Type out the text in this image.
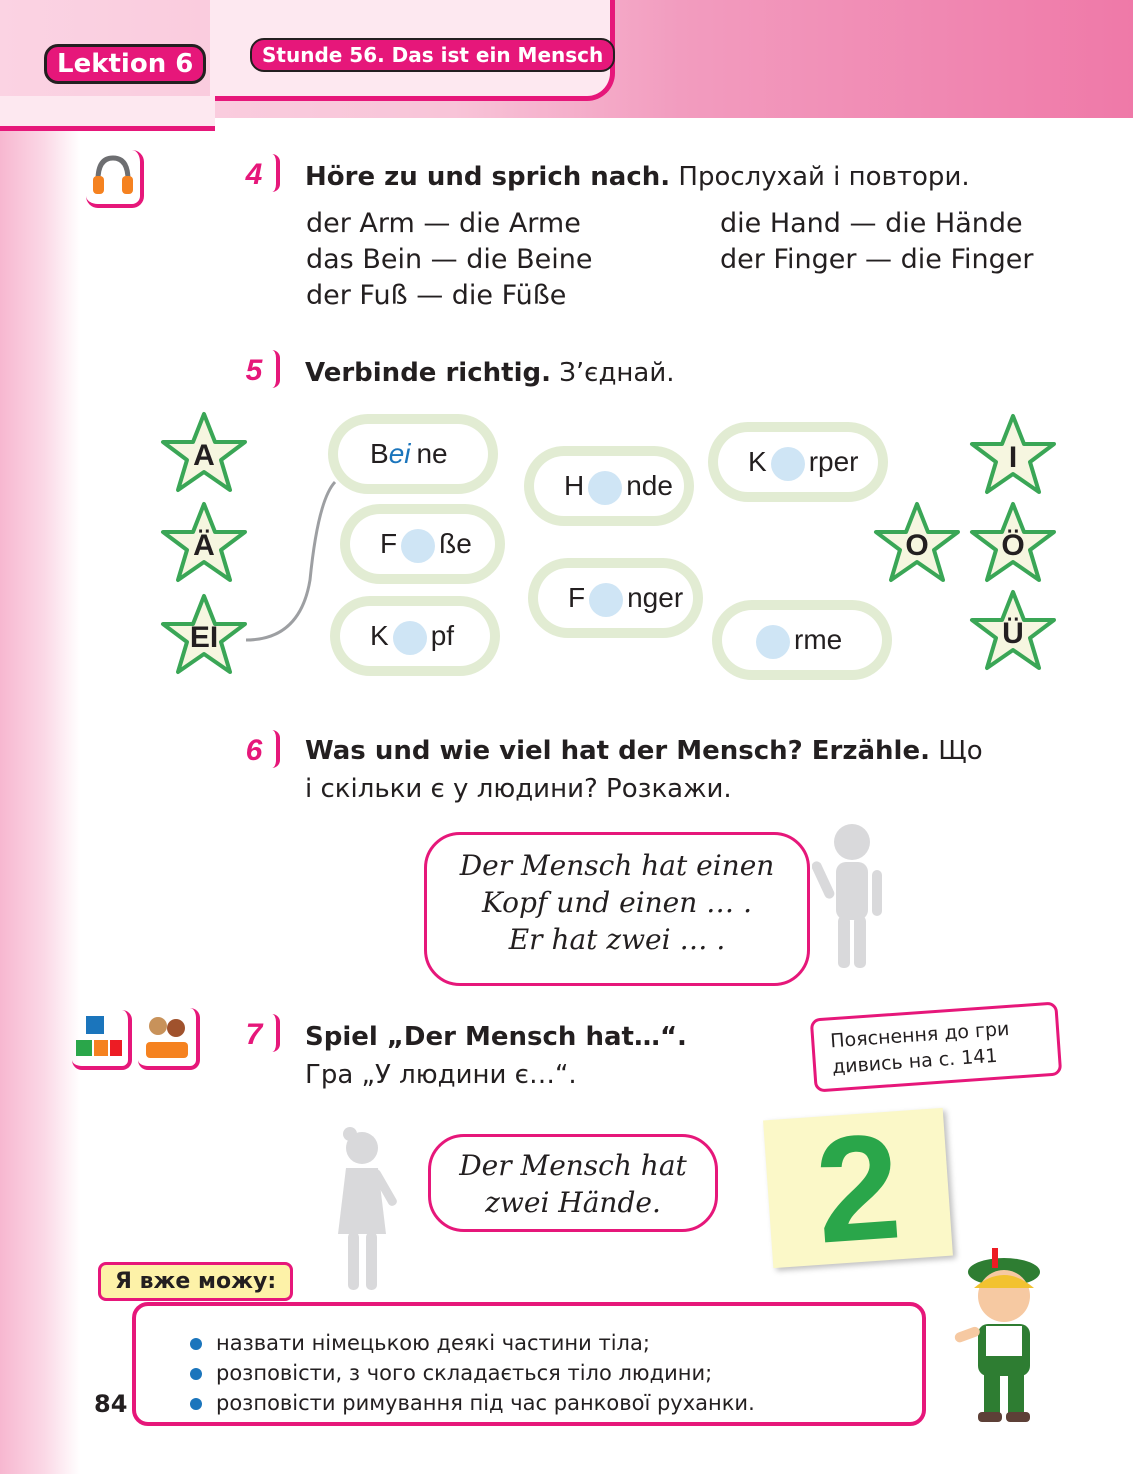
Lektion 6	Stunde 56. Das ist ein Mensch
4	Höre zu und sprich nach. Прослухай і повтори.
der Arm — die Arme
das Bein — die Beine
der Fuß — die Füße
die Hand — die Hände
der Finger — die Finger
5	Verbinde richtig. З’єднай.
A
Ä
EI
I
O	Ö
Ü
Bei ne
F ße
K pf
H nde
F nger
K rper
rme
6	Was und wie viel hat der Mensch? Erzähle. Що
і скільки є у людини? Розкажи.
Der Mensch hat einen
Kopf und einen … .
Er hat zwei … .
7	Spiel „Der Mensch hat…“.
Гра „У людини є…“.
Пояснення до гри
дивись на с. 141
Der Mensch hat
zwei Hände. 2
назвати німецькою деякі частини тіла;
розповісти, з чого складається тіло людини;
розповісти римування під час ранкової руханки.
Я вже можу:
84
